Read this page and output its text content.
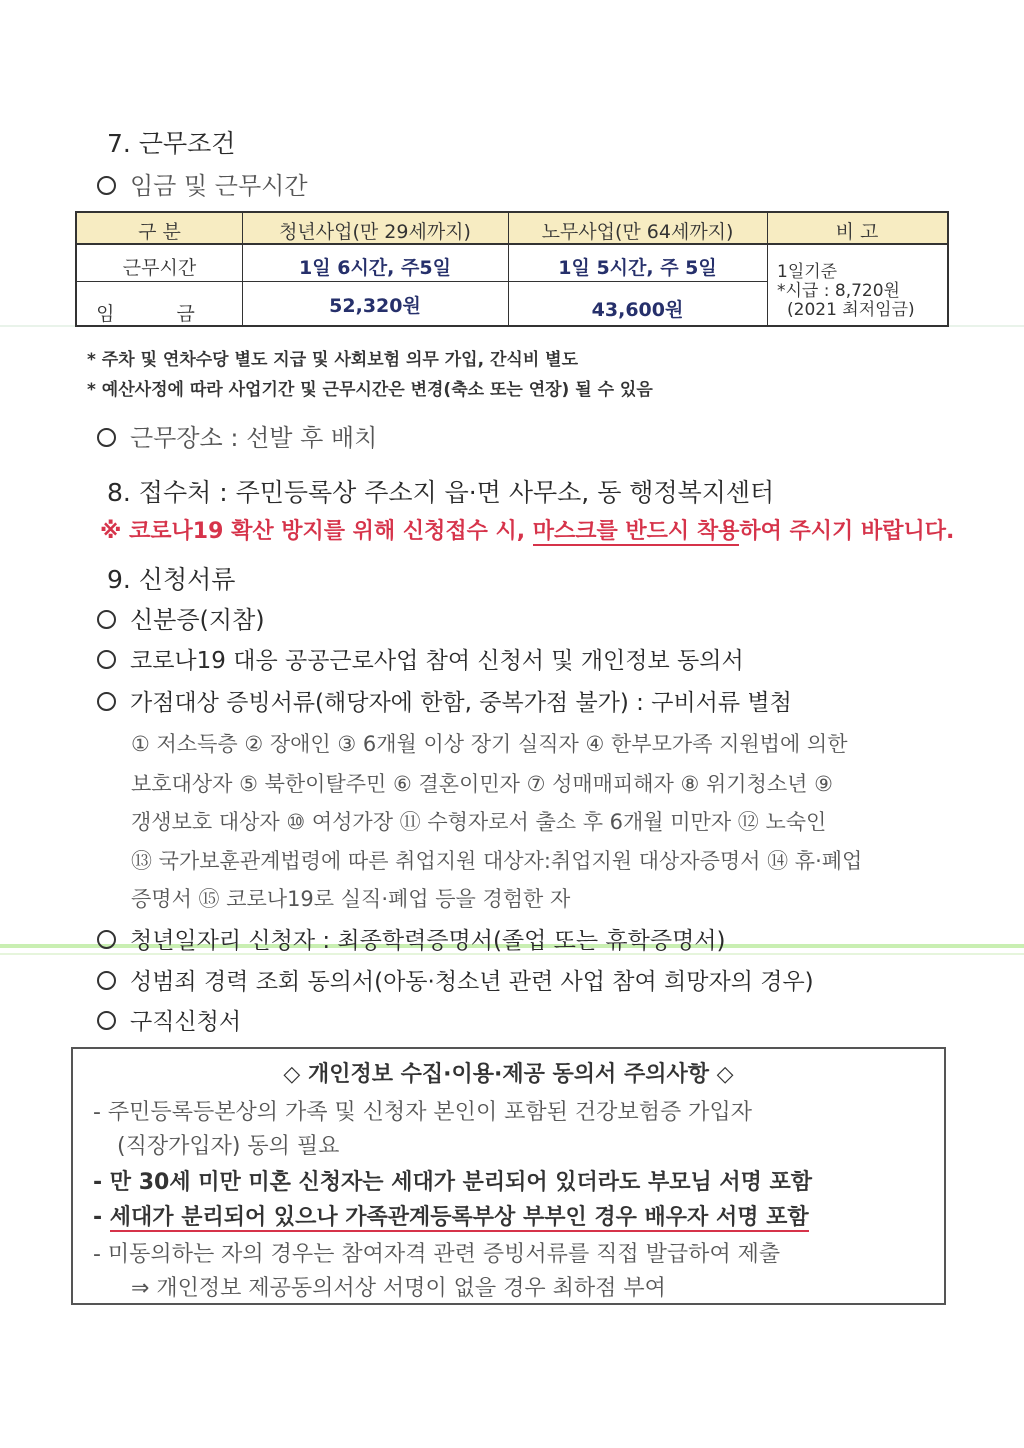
7. 근무조건
임금 및 근무시간
구 분	청년사업(만 29세까지)	노무사업(만 64세까지)	비 고
근무시간	1일 6시간, 주5일	1일 5시간, 주 5일
임 금	52,320원	43,600원
1일기준
*시급 : 8,720원
(2021 최저임금)
* 주차 및 연차수당 별도 지급 및 사회보험 의무 가입, 간식비 별도
* 예산사정에 따라 사업기간 및 근무시간은 변경(축소 또는 연장) 될 수 있음
근무장소 : 선발 후 배치
8. 접수처 : 주민등록상 주소지 읍·면 사무소, 동 행정복지센터
※ 코로나19 확산 방지를 위해 신청접수 시, 마스크를 반드시 착용하여 주시기 바랍니다.
9. 신청서류
신분증(지참)
코로나19 대응 공공근로사업 참여 신청서 및 개인정보 동의서
가점대상 증빙서류(해당자에 한함, 중복가점 불가) : 구비서류 별첨
① 저소득층 ② 장애인 ③ 6개월 이상 장기 실직자 ④ 한부모가족 지원법에 의한
보호대상자 ⑤ 북한이탈주민 ⑥ 결혼이민자 ⑦ 성매매피해자 ⑧ 위기청소년 ⑨
갱생보호 대상자 ⑩ 여성가장 ⑪ 수형자로서 출소 후 6개월 미만자 ⑫ 노숙인
⑬ 국가보훈관계법령에 따른 취업지원 대상자:취업지원 대상자증명서 ⑭ 휴·폐업
증명서 ⑮ 코로나19로 실직·폐업 등을 경험한 자
청년일자리 신청자 : 최종학력증명서(졸업 또는 휴학증명서)
성범죄 경력 조회 동의서(아동·청소년 관련 사업 참여 희망자의 경우)
구직신청서
◇ 개인정보 수집·이용·제공 동의서 주의사항 ◇
- 주민등록등본상의 가족 및 신청자 본인이 포함된 건강보험증 가입자
(직장가입자) 동의 필요
- 만 30세 미만 미혼 신청자는 세대가 분리되어 있더라도 부모님 서명 포함
- 세대가 분리되어 있으나 가족관계등록부상 부부인 경우 배우자 서명 포함
- 미동의하는 자의 경우는 참여자격 관련 증빙서류를 직접 발급하여 제출
⇒ 개인정보 제공동의서상 서명이 없을 경우 최하점 부여
